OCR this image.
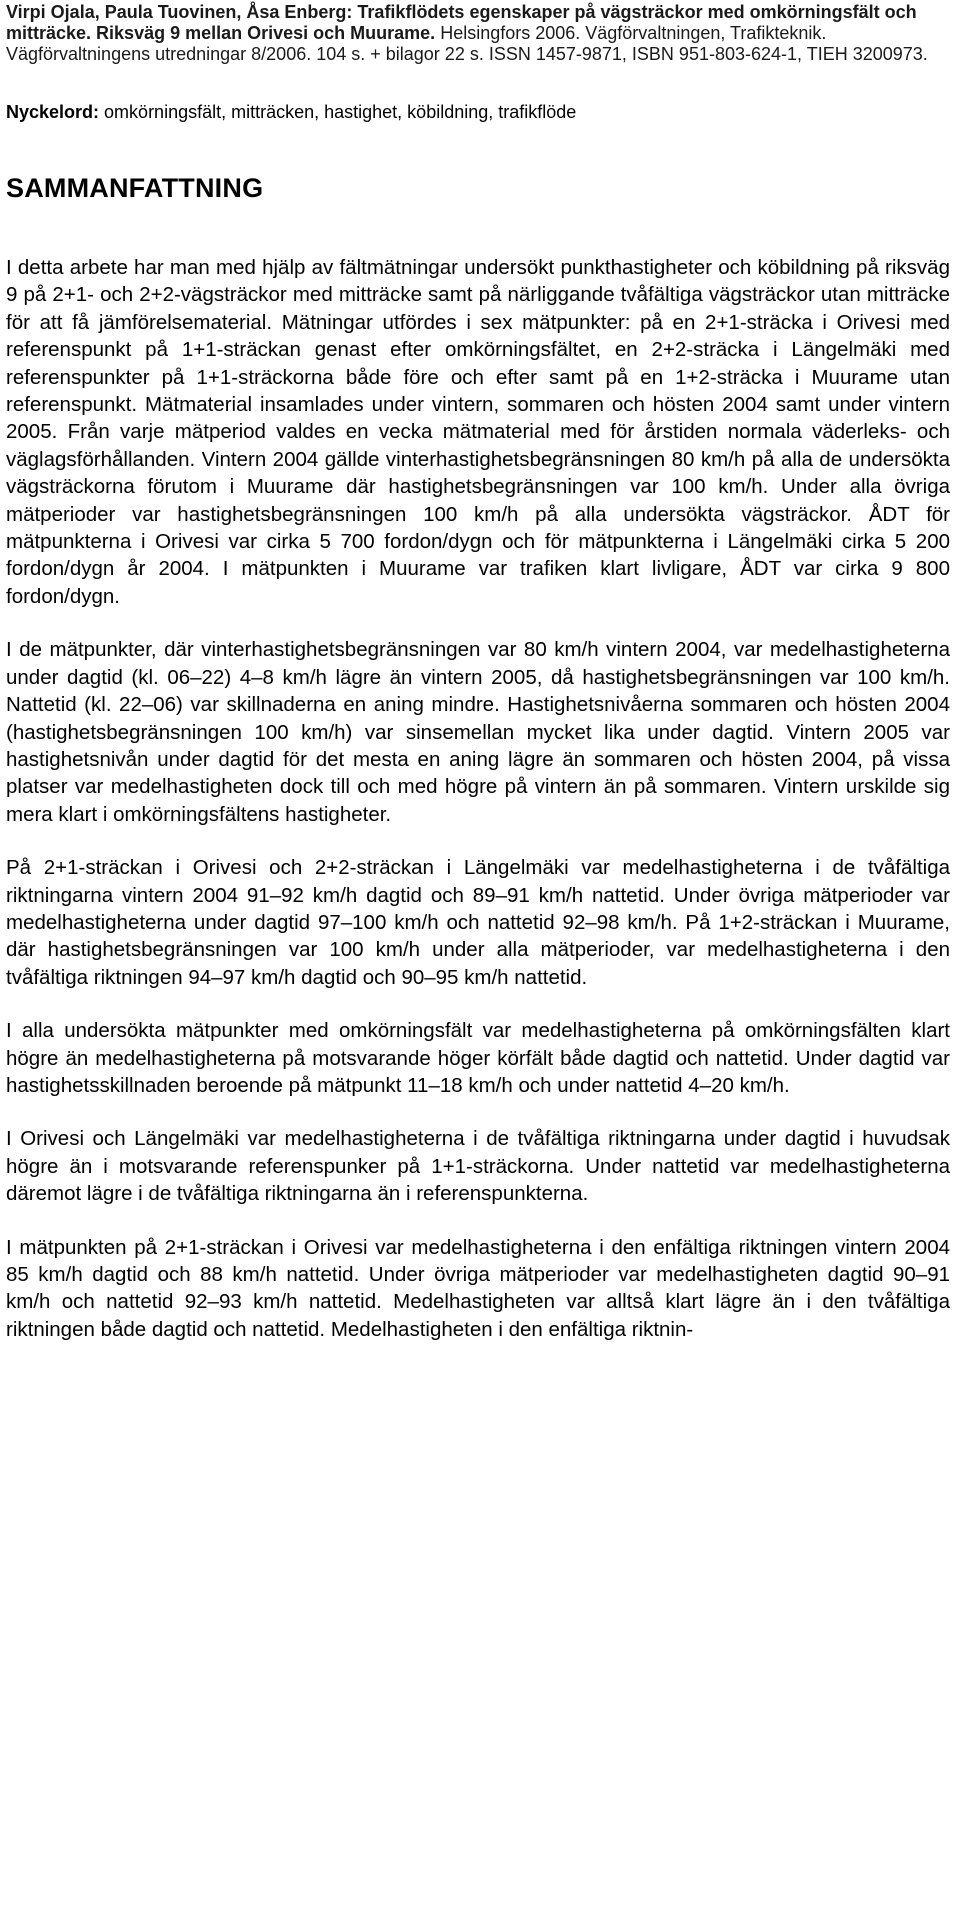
Virpi Ojala, Paula Tuovinen, Åsa Enberg: Trafikflödets egenskaper på vägsträckor med omkörningsfält och mitträcke. Riksväg 9 mellan Orivesi och Muurame. Helsingfors 2006. Vägförvaltningen, Trafikteknik. Vägförvaltningens utredningar 8/2006. 104 s. + bilagor 22 s. ISSN 1457-9871, ISBN 951-803-624-1, TIEH 3200973.

Nyckelord: omkörningsfält, mitträcken, hastighet, köbildning, trafikflöde

SAMMANFATTNING

I detta arbete har man med hjälp av fältmätningar undersökt punkthastigheter och köbildning på riksväg 9 på 2+1- och 2+2-vägsträckor med mitträcke samt på närliggande tvåfältiga vägsträckor utan mitträcke för att få jämförelsematerial. Mätningar utfördes i sex mätpunkter: på en 2+1-sträcka i Orivesi med referenspunkt på 1+1-sträckan genast efter omkörningsfältet, en 2+2-sträcka i Längelmäki med referenspunkter på 1+1-sträckorna både före och efter samt på en 1+2-sträcka i Muurame utan referenspunkt. Mätmaterial insamlades under vintern, sommaren och hösten 2004 samt under vintern 2005. Från varje mätperiod valdes en vecka mätmaterial med för årstiden normala väderleks- och väglagsförhållanden. Vintern 2004 gällde vinterhastighetsbegränsningen 80 km/h på alla de undersökta vägsträckorna förutom i Muurame där hastighetsbegränsningen var 100 km/h. Under alla övriga mätperioder var hastighetsbegränsningen 100 km/h på alla undersökta vägsträckor. ÅDT för mätpunkterna i Orivesi var cirka 5 700 fordon/dygn och för mätpunkterna i Längelmäki cirka 5 200 fordon/dygn år 2004. I mätpunkten i Muurame var trafiken klart livligare, ÅDT var cirka 9 800 fordon/dygn.

I de mätpunkter, där vinterhastighetsbegränsningen var 80 km/h vintern 2004, var medelhastigheterna under dagtid (kl. 06–22) 4–8 km/h lägre än vintern 2005, då hastighetsbegränsningen var 100 km/h. Nattetid (kl. 22–06) var skillnaderna en aning mindre. Hastighetsnivåerna sommaren och hösten 2004 (hastighetsbegränsningen 100 km/h) var sinsemellan mycket lika under dagtid. Vintern 2005 var hastighetsnivån under dagtid för det mesta en aning lägre än sommaren och hösten 2004, på vissa platser var medelhastigheten dock till och med högre på vintern än på sommaren. Vintern urskilde sig mera klart i omkörningsfältens hastigheter.

På 2+1-sträckan i Orivesi och 2+2-sträckan i Längelmäki var medelhastigheterna i de tvåfältiga riktningarna vintern 2004 91–92 km/h dagtid och 89–91 km/h nattetid. Under övriga mätperioder var medelhastigheterna under dagtid 97–100 km/h och nattetid 92–98 km/h. På 1+2-sträckan i Muurame, där hastighetsbegränsningen var 100 km/h under alla mätperioder, var medelhastigheterna i den tvåfältiga riktningen 94–97 km/h dagtid och 90–95 km/h nattetid.

I alla undersökta mätpunkter med omkörningsfält var medelhastigheterna på omkörningsfälten klart högre än medelhastigheterna på motsvarande höger körfält både dagtid och nattetid. Under dagtid var hastighetsskillnaden beroende på mätpunkt 11–18 km/h och under nattetid 4–20 km/h.

I Orivesi och Längelmäki var medelhastigheterna i de tvåfältiga riktningarna under dagtid i huvudsak högre än i motsvarande referenspunker på 1+1-sträckorna. Under nattetid var medelhastigheterna däremot lägre i de tvåfältiga riktningarna än i referenspunkterna.

I mätpunkten på 2+1-sträckan i Orivesi var medelhastigheterna i den enfältiga riktningen vintern 2004 85 km/h dagtid och 88 km/h nattetid. Under övriga mätperioder var medelhastigheten dagtid 90–91 km/h och nattetid 92–93 km/h nattetid. Medelhastigheten var alltså klart lägre än i den tvåfältiga riktningen både dagtid och nattetid. Medelhastigheten i den enfältiga riktnin-
